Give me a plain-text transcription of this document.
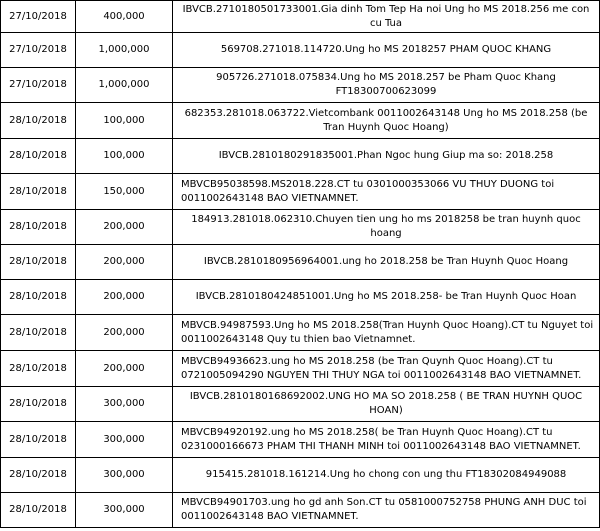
27/10/2018	400,000	IBVCB.2710180501733001.Gia dinh Tom Tep Ha noi Ung ho MS 2018.256 me con cu Tua
27/10/2018	1,000,000	569708.271018.114720.Ung ho MS 2018257 PHAM QUOC KHANG
27/10/2018	1,000,000	905726.271018.075834.Ung ho MS 2018.257 be Pham Quoc Khang FT18300700623099
28/10/2018	100,000	682353.281018.063722.Vietcombank 0011002643148 Ung ho MS 2018.258 (be Tran Huynh Quoc Hoang)
28/10/2018	100,000	IBVCB.2810180291835001.Phan Ngoc hung Giup ma so: 2018.258
28/10/2018	150,000	MBVCB95038598.MS2018.228.CT tu 0301000353066 VU THUY DUONG toi 0011002643148 BAO VIETNAMNET.
28/10/2018	200,000	184913.281018.062310.Chuyen tien ung ho ms 2018258 be tran huynh quoc hoang
28/10/2018	200,000	IBVCB.2810180956964001.ung ho 2018.258 be Tran Huynh Quoc Hoang
28/10/2018	200,000	IBVCB.2810180424851001.Ung ho MS 2018.258- be Tran Huynh Quoc Hoan
28/10/2018	200,000	MBVCB.94987593.Ung ho MS 2018.258(Tran Huynh Quoc Hoang).CT tu Nguyet toi 0011002643148 Quy tu thien bao Vietnamnet.
28/10/2018	200,000	MBVCB94936623.ung ho MS 2018.258 (be Tran Quynh Quoc Hoang).CT tu 0721005094290 NGUYEN THI THUY NGA toi 0011002643148 BAO VIETNAMNET.
28/10/2018	300,000	IBVCB.2810180168692002.UNG HO MA SO 2018.258 ( BE TRAN HUYNH QUOC HOAN)
28/10/2018	300,000	MBVCB94920192.ung ho MS 2018.258( be Tran Huynh Quoc Hoang).CT tu 0231000166673 PHAM THI THANH MINH toi 0011002643148 BAO VIETNAMNET.
28/10/2018	300,000	915415.281018.161214.Ung ho chong con ung thu FT18302084949088
28/10/2018	300,000	MBVCB94901703.ung ho gd anh Son.CT tu 0581000752758 PHUNG ANH DUC toi 0011002643148 BAO VIETNAMNET.
